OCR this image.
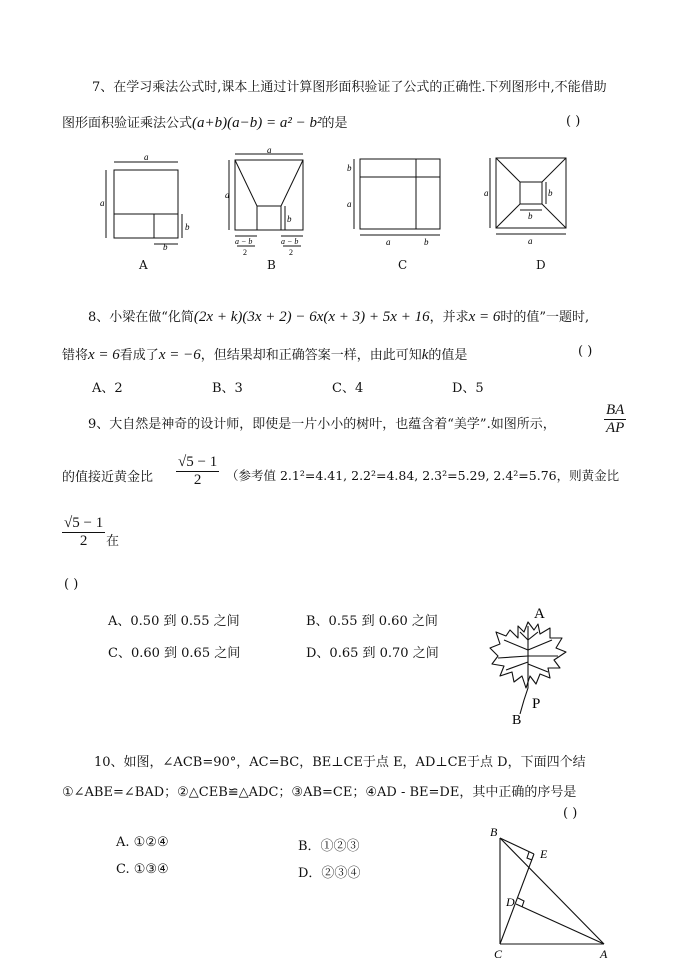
7、在学习乘法公式时,课本上通过计算图形面积验证了公式的正确性.下列图形中,不能借助
图形面积验证乘法公式(a+b)(a−b) = a² − b²的是	( )
a
a
b
b
A
a
a
b
a − b
2
a − b
2
B
b
a
a	b
C
a	b
b
a
D
8、小梁在做“化简(2x + k)(3x + 2) − 6x(x + 3) + 5x + 16，并求x = 6时的值”一题时,
错将x = 6看成了x = −6，但结果却和正确答案一样，由此可知k的值是	( )
A、2	B、3	C、4	D、5
9、大自然是神奇的设计师，即使是一片小小的树叶，也蕴含着“美学”.如图所示，	$\frac{BA}{AP}$
的值接近黄金比 $\frac{√5 - 1}{2}$ （参考值 2.1²=4.41, 2.2²=4.84, 2.3²=5.29, 2.4²=5.76，则黄金比
$\frac{√5 - 1}{2}$ 在
( )
A、0.50 到 0.55 之间	B、0.55 到 0.60 之间
C、0.60 到 0.65 之间	D、0.65 到 0.70 之间
A
P
B
10、如图，∠ACB=90°，AC=BC，BE⊥CE于点 E，AD⊥CE于点 D，下面四个结
①∠ABE=∠BAD；②△CEB≌△ADC；③AB=CE；④AD - BE=DE，其中正确的序号是
( )
A. ①②④	B．①②③
C. ①③④	D．②③④
B
E
D
C	A
